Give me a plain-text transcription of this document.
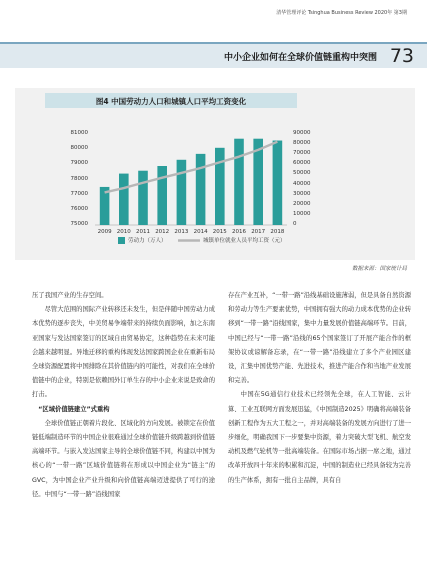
清华管理评论 Tsinghua Business Review 2020年 第3期
中小企业如何在全球价值链重构中突围 73
图4 中国劳动力人口和城镇人口平均工资变化
75000
76000
77000
78000
79000
80000
81000
0
10000
20000
30000
40000
50000
60000
70000
80000
90000
2009 2010 2011 2012 2013 2014 2015 2016 2017 2018
劳动力（万人）	城镇单位就业人员平均工资（元）
数据来源：国家统计局

压了我国产业的生存空间。

尽管大范围的国际产业转移还未发生，但是伴随中国劳动力成本优势的逐步丧失，中美贸易争端带来的持续负面影响，加之东南亚国家与发达国家签订的区域自由贸易协定，这种趋势在未来可能会越来越明显。异地迁移的重构体现发达国家跨国企业在重新布局全球资源配置将中国排除在其价值链内的可能性，对我们在全球价值链中的企业，特别是依赖国外订单生存的中小企业来说是致命的打击。

“区域价值链建立”式重构

全球价值链正朝着片段化、区域化的方向发展。被锁定在价值链低端制造环节的中国企业很难通过全球价值链升级跨越到价值链高端环节。与嵌入发达国家主导的全球价值链不同，构建以中国为核心的“一带一路”区域价值链将在形成以中国企业为“链主”的GVC，为中国企业产业升级和向价值链高端迈进提供了可行的途径。中国与“一带一路”沿线国家

存在产业互补，“一带一路”沿线基础设施薄弱，但是具备自然资源和劳动力等生产要素优势，中国拥有强大的动力成本优势的企业转移到“一带一路”沿线国家，集中力量发展价值链高端环节。目前，中国已经与“一带一路”沿线的65个国家签订了开展产能合作的框架协议或谅解备忘录，在“一带一路”沿线建立了多个产业园区建设，汇集中国优势产能、先进技术，推进产能合作和当地产业发展和完善。

中国在5G通信行业技术已经领先全球，在人工智能、云计算、工业互联网方面发展迅猛，《中国制造2025》明确将高端装备创新工程作为五大工程之一，并对高端装备的发展方向进行了进一步细化，明确我国下一步要集中资源，着力突破大型飞机、航空发动机及燃气轮机等一批高端装备。在国际市场占据一席之地，通过改革开放四十年来的积累和沉淀，中国的制造业已经具备较为完善的生产体系，拥有一批自主品牌，具有自
